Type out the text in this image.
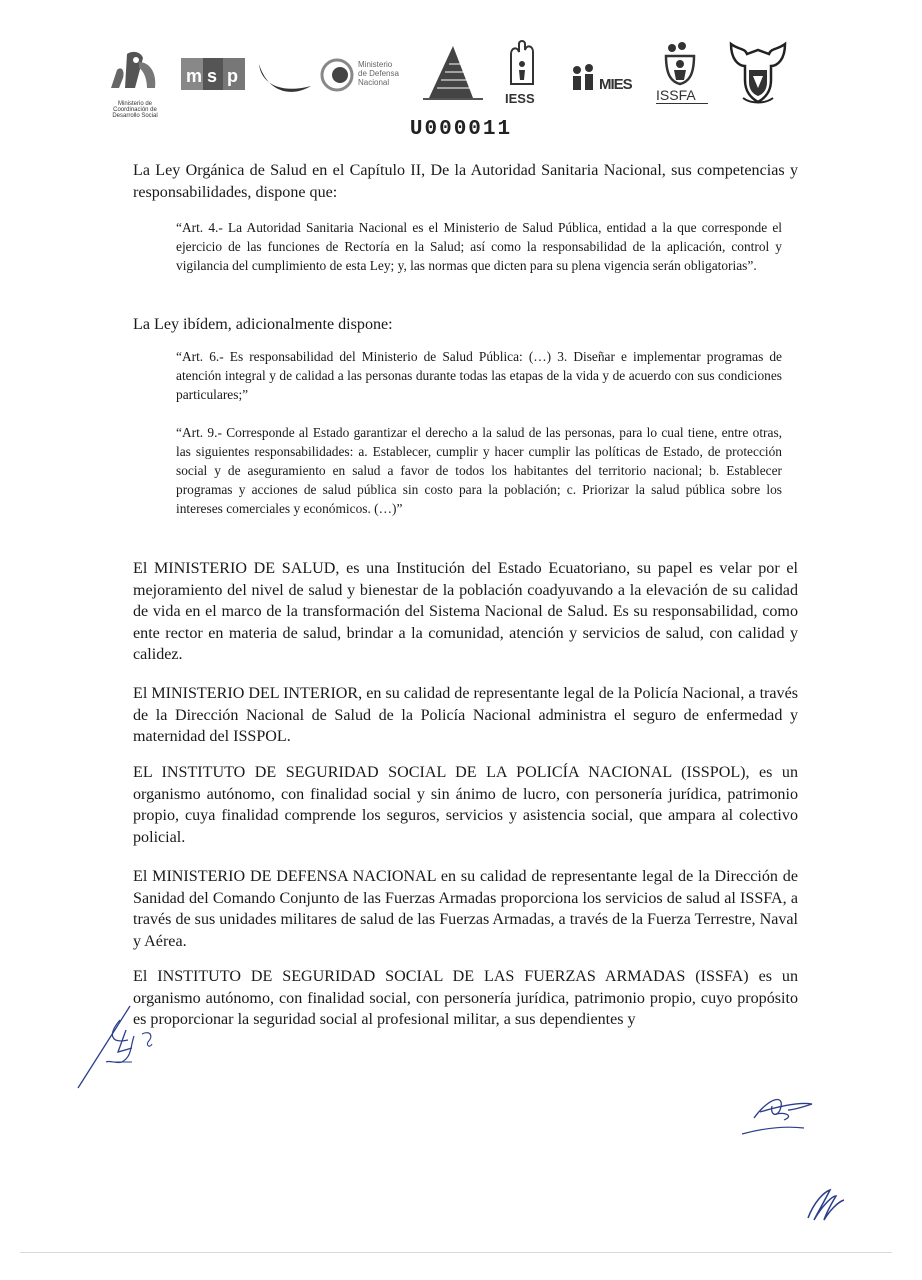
Ministerio de Coordinación de Desarrollo Social
m s p
Ministerio
de Defensa
Nacional
IESS
MIES
ISSFA
U000011

La Ley Orgánica de Salud en el Capítulo II, De la Autoridad Sanitaria Nacional, sus competencias y responsabilidades, dispone que:

“Art. 4.- La Autoridad Sanitaria Nacional es el Ministerio de Salud Pública, entidad a la que corresponde el ejercicio de las funciones de Rectoría en la Salud; así como la responsabilidad de la aplicación, control y vigilancia del cumplimiento de esta Ley; y, las normas que dicten para su plena vigencia serán obligatorias”.

La Ley ibídem, adicionalmente dispone:

“Art. 6.- Es responsabilidad del Ministerio de Salud Pública: (…) 3. Diseñar e implementar programas de atención integral y de calidad a las personas durante todas las etapas de la vida y de acuerdo con sus condiciones particulares;”

“Art. 9.- Corresponde al Estado garantizar el derecho a la salud de las personas, para lo cual tiene, entre otras, las siguientes responsabilidades: a. Establecer, cumplir y hacer cumplir las políticas de Estado, de protección social y de aseguramiento en salud a favor de todos los habitantes del territorio nacional; b. Establecer programas y acciones de salud pública sin costo para la población; c. Priorizar la salud pública sobre los intereses comerciales y económicos. (…)”

El MINISTERIO DE SALUD, es una Institución del Estado Ecuatoriano, su papel es velar por el mejoramiento del nivel de salud y bienestar de la población coadyuvando a la elevación de su calidad de vida en el marco de la transformación del Sistema Nacional de Salud. Es su responsabilidad, como ente rector en materia de salud, brindar a la comunidad, atención y servicios de salud, con calidad y calidez.

El MINISTERIO DEL INTERIOR, en su calidad de representante legal de la Policía Nacional, a través de la Dirección Nacional de Salud de la Policía Nacional administra el seguro de enfermedad y maternidad del ISSPOL.

EL INSTITUTO DE SEGURIDAD SOCIAL DE LA POLICÍA NACIONAL (ISSPOL), es un organismo autónomo, con finalidad social y sin ánimo de lucro, con personería jurídica, patrimonio propio, cuya finalidad comprende los seguros, servicios y asistencia social, que ampara al colectivo policial.

El MINISTERIO DE DEFENSA NACIONAL en su calidad de representante legal de la Dirección de Sanidad del Comando Conjunto de las Fuerzas Armadas proporciona los servicios de salud al ISSFA, a través de sus unidades militares de salud de las Fuerzas Armadas, a través de la Fuerza Terrestre, Naval y Aérea.

El INSTITUTO DE SEGURIDAD SOCIAL DE LAS FUERZAS ARMADAS (ISSFA) es un organismo autónomo, con finalidad social, con personería jurídica, patrimonio propio, cuyo propósito es proporcionar la seguridad social al profesional militar, a sus dependientes y
